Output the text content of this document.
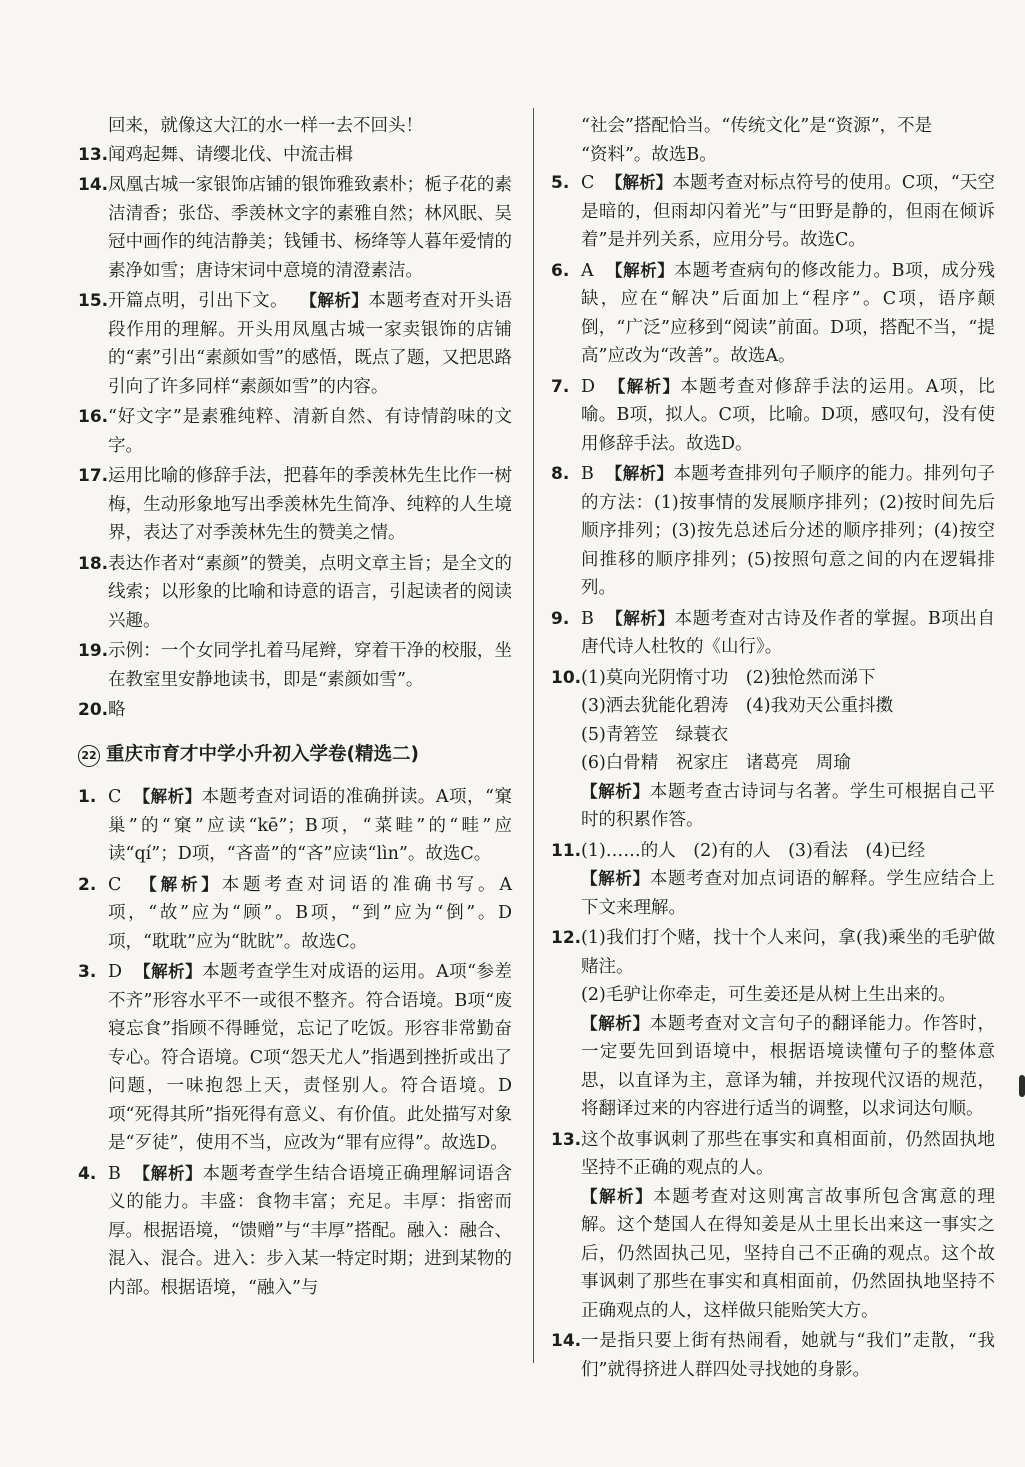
回来，就像这大江的水一样一去不回头！
13. 闻鸡起舞、请缨北伐、中流击楫
14. 凤凰古城一家银饰店铺的银饰雅致素朴；栀子花的素洁清香；张岱、季羡林文字的素雅自然；林风眠、吴冠中画作的纯洁静美；钱锺书、杨绛等人暮年爱情的素净如雪；唐诗宋词中意境的清澄素洁。
15. 开篇点明，引出下文。 【解析】本题考查对开头语段作用的理解。开头用凤凰古城一家卖银饰的店铺的“素”引出“素颜如雪”的感悟，既点了题，又把思路引向了许多同样“素颜如雪”的内容。
16. “好文字”是素雅纯粹、清新自然、有诗情韵味的文字。
17. 运用比喻的修辞手法，把暮年的季羡林先生比作一树梅，生动形象地写出季羡林先生简净、纯粹的人生境界，表达了对季羡林先生的赞美之情。
18. 表达作者对“素颜”的赞美，点明文章主旨；是全文的线索；以形象的比喻和诗意的语言，引起读者的阅读兴趣。
19. 示例：一个女同学扎着马尾辫，穿着干净的校服，坐在教室里安静地读书，即是“素颜如雪”。
20. 略
22 重庆市育才中学小升初入学卷(精选二)
1. C 【解析】本题考查对词语的准确拼读。A项，“窠巢”的“窠”应读“kē”；B项，“菜畦”的“畦”应读“qí”；D项，“吝啬”的“吝”应读“lìn”。故选C。
2. C 【解析】本题考查对词语的准确书写。A项，“故”应为“顾”。B项，“到”应为“倒”。D项，“耽耽”应为“眈眈”。故选C。
3. D 【解析】本题考查学生对成语的运用。A项“参差不齐”形容水平不一或很不整齐。符合语境。B项“废寝忘食”指顾不得睡觉，忘记了吃饭。形容非常勤奋专心。符合语境。C项“怨天尤人”指遇到挫折或出了问题，一味抱怨上天，责怪别人。符合语境。D项“死得其所”指死得有意义、有价值。此处描写对象是“歹徒”，使用不当，应改为“罪有应得”。故选D。
4. B 【解析】本题考查学生结合语境正确理解词语含义的能力。丰盛：食物丰富；充足。丰厚：指密而厚。根据语境，“馈赠”与“丰厚”搭配。融入：融合、混入、混合。进入：步入某一特定时期；进到某物的内部。根据语境，“融入”与
“社会”搭配恰当。“传统文化”是“资源”，不是
“资料”。故选B。
5. C 【解析】本题考查对标点符号的使用。C项，“天空是暗的，但雨却闪着光”与“田野是静的，但雨在倾诉着”是并列关系，应用分号。故选C。
6. A 【解析】本题考查病句的修改能力。B项，成分残缺，应在“解决”后面加上“程序”。C项，语序颠倒，“广泛”应移到“阅读”前面。D项，搭配不当，“提高”应改为“改善”。故选A。
7. D 【解析】本题考查对修辞手法的运用。A项，比喻。B项，拟人。C项，比喻。D项，感叹句，没有使用修辞手法。故选D。
8. B 【解析】本题考查排列句子顺序的能力。排列句子的方法：(1)按事情的发展顺序排列；(2)按时间先后顺序排列；(3)按先总述后分述的顺序排列；(4)按空间推移的顺序排列；(5)按照句意之间的内在逻辑排列。
9. B 【解析】本题考查对古诗及作者的掌握。B项出自唐代诗人杜牧的《山行》。
10. (1)莫向光阴惰寸功　(2)独怆然而涕下
(3)洒去犹能化碧涛　(4)我劝天公重抖擞
(5)青箬笠　绿蓑衣
(6)白骨精　祝家庄　诸葛亮　周瑜
【解析】本题考查古诗词与名著。学生可根据自己平时的积累作答。
11. (1)……的人　(2)有的人　(3)看法　(4)已经
【解析】本题考查对加点词语的解释。学生应结合上下文来理解。
12. (1)我们打个赌，找十个人来问，拿(我)乘坐的毛驴做赌注。
(2)毛驴让你牵走，可生姜还是从树上生出来的。
【解析】本题考查对文言句子的翻译能力。作答时，一定要先回到语境中，根据语境读懂句子的整体意思，以直译为主，意译为辅，并按现代汉语的规范，将翻译过来的内容进行适当的调整，以求词达句顺。
13. 这个故事讽刺了那些在事实和真相面前，仍然固执地坚持不正确的观点的人。
【解析】本题考查对这则寓言故事所包含寓意的理解。这个楚国人在得知姜是从土里长出来这一事实之后，仍然固执己见，坚持自己不正确的观点。这个故事讽刺了那些在事实和真相面前，仍然固执地坚持不正确观点的人，这样做只能贻笑大方。
14. 一是指只要上街有热闹看，她就与“我们”走散，“我们”就得挤进人群四处寻找她的身影。
